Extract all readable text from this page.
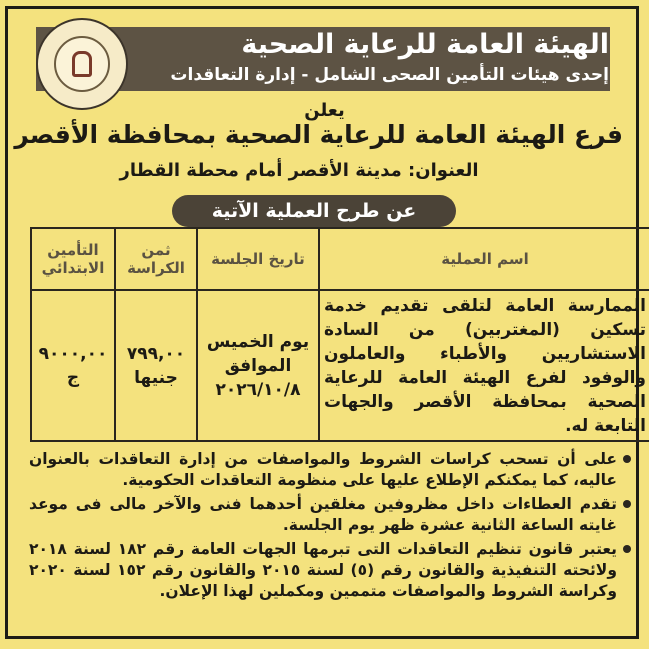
الهيئة العامة للرعاية الصحية
إحدى هيئات التأمين الصحى الشامل - إدارة التعاقدات
يعلن
فرع الهيئة العامة للرعاية الصحية بمحافظة الأقصر
العنوان: مدينة الأقصر أمام محطة القطار
عن طرح العملية الآتية
اسم العملية	تاريخ الجلسة	ثمن الكراسة	التأمين الابتدائي
الممارسة العامة لتلقى تقديم خدمة تسكين (المغتربين) من السادة الاستشاريين والأطباء والعاملون والوفود لفرع الهيئة العامة للرعاية الصحية بمحافظة الأقصر والجهات التابعة له.	يوم الخميس الموافق ٢٠٢٦/١٠/٨	٧٩٩,٠٠ جنيها	٩٠٠٠,٠٠ ج
على أن تسحب كراسات الشروط والمواصفات من إدارة التعاقدات بالعنوان عاليه، كما يمكنكم الإطلاع عليها على منظومة التعاقدات الحكومية.
تقدم العطاءات داخل مظروفين مغلقين أحدهما فنى والآخر مالى فى موعد غايته الساعة الثانية عشرة ظهر يوم الجلسة.
يعتبر قانون تنظيم التعاقدات التى تبرمها الجهات العامة رقم ١٨٢ لسنة ٢٠١٨ ولائحته التنفيذية والقانون رقم (٥) لسنة ٢٠١٥ والقانون رقم ١٥٢ لسنة ٢٠٢٠ وكراسة الشروط والمواصفات متممين ومكملين لهذا الإعلان.
